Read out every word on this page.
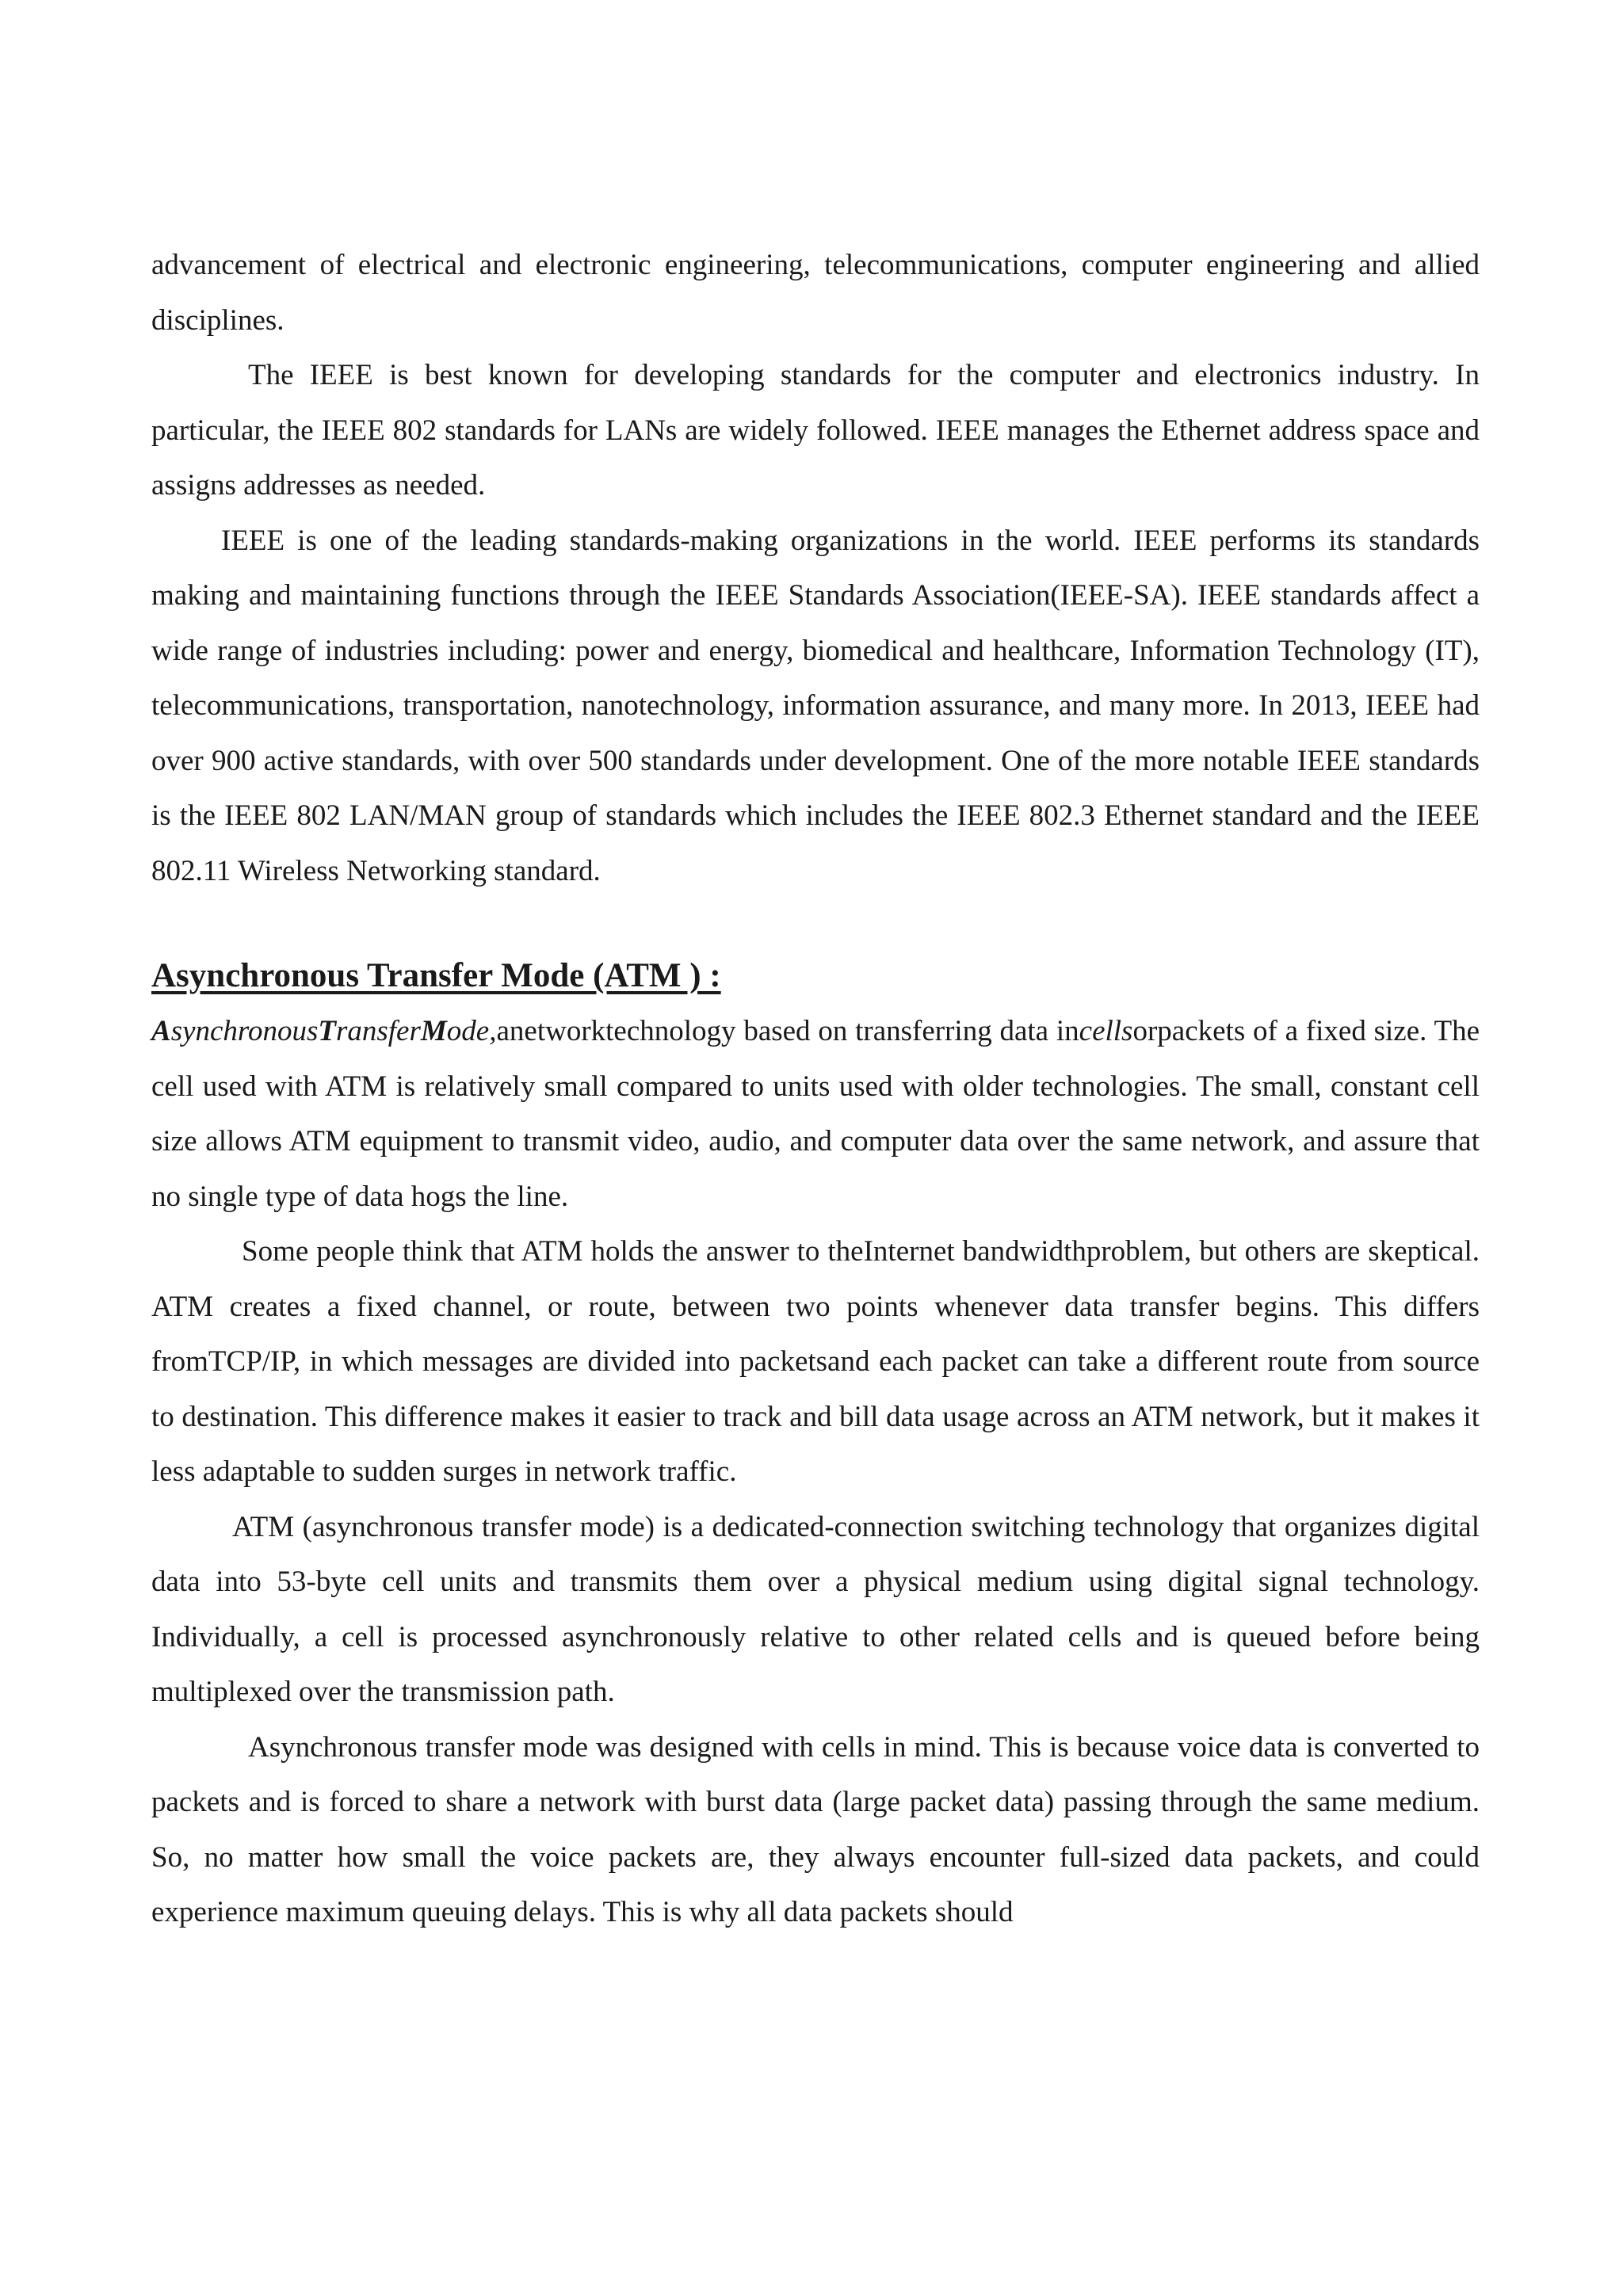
advancement of electrical and electronic engineering, telecommunications, computer engineering and allied disciplines.

The IEEE is best known for developing standards for the computer and electronics industry. In particular, the IEEE 802 standards for LANs are widely followed. IEEE manages the Ethernet address space and assigns addresses as needed.

IEEE is one of the leading standards-making organizations in the world. IEEE performs its standards making and maintaining functions through the IEEE Standards Association(IEEE-SA). IEEE standards affect a wide range of industries including: power and energy, biomedical and healthcare, Information Technology (IT), telecommunications, transportation, nanotechnology, information assurance, and many more. In 2013, IEEE had over 900 active standards, with over 500 standards under development. One of the more notable IEEE standards is the IEEE 802 LAN/MAN group of standards which includes the IEEE 802.3 Ethernet standard and the IEEE 802.11 Wireless Networking standard.

Asynchronous Transfer Mode (ATM ) :

AsynchronousTransferMode,anetworktechnology based on transferring data incellsorpackets of a fixed size. The cell used with ATM is relatively small compared to units used with older technologies. The small, constant cell size allows ATM equipment to transmit video, audio, and computer data over the same network, and assure that no single type of data hogs the line.

Some people think that ATM holds the answer to theInternet bandwidthproblem, but others are skeptical. ATM creates a fixed channel, or route, between two points whenever data transfer begins. This differs fromTCP/IP, in which messages are divided into packetsand each packet can take a different route from source to destination. This difference makes it easier to track and bill data usage across an ATM network, but it makes it less adaptable to sudden surges in network traffic.

ATM (asynchronous transfer mode) is a dedicated-connection switching technology that organizes digital data into 53-byte cell units and transmits them over a physical medium using digital signal technology. Individually, a cell is processed asynchronously relative to other related cells and is queued before being multiplexed over the transmission path.

Asynchronous transfer mode was designed with cells in mind. This is because voice data is converted to packets and is forced to share a network with burst data (large packet data) passing through the same medium. So, no matter how small the voice packets are, they always encounter full-sized data packets, and could experience maximum queuing delays. This is why all data packets should
